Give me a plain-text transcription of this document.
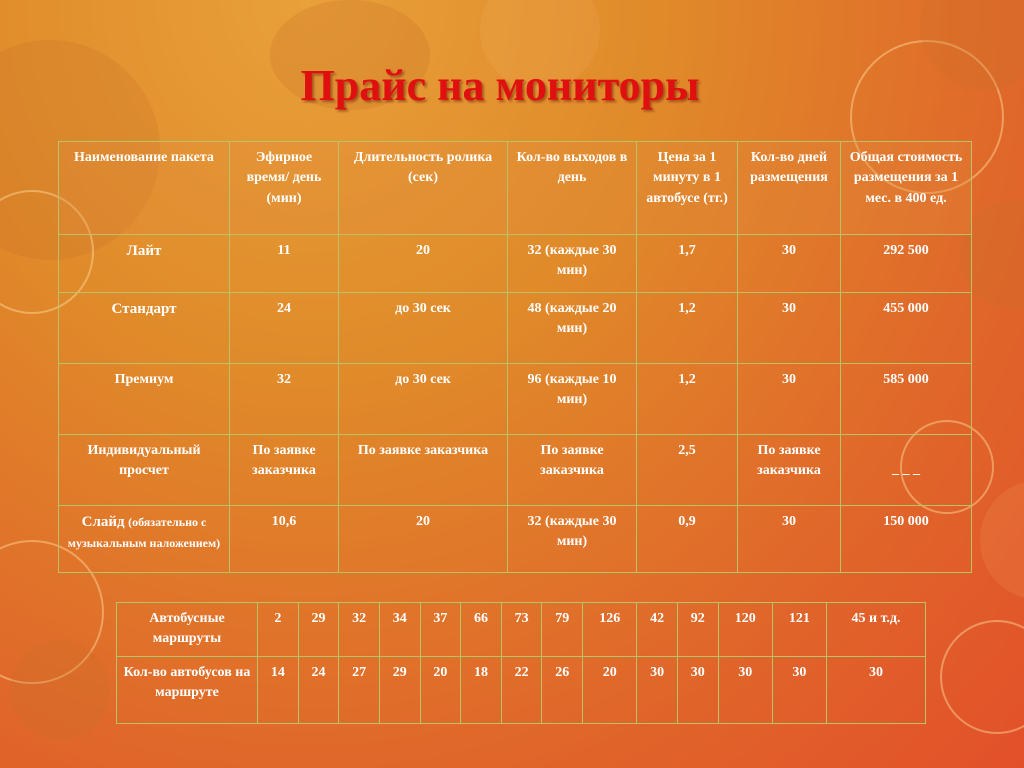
Прайс на мониторы
Наименование пакета	Эфирное время/ день (мин)	Длительность ролика (сек)	Кол-во выходов в день	Цена за 1 минуту в 1 автобусе (тг.)	Кол-во дней размещения	Общая стоимость размещения за 1 мес. в 400 ед.
Лайт	11	20	32 (каждые 30 мин)	1,7	30	292 500
Стандарт	24	до 30 сек	48 (каждые 20 мин)	1,2	30	455 000
Премиум	32	до 30 сек	96 (каждые 10 мин)	1,2	30	585 000
Индивидуальный просчет	По заявке заказчика	По заявке заказчика	По заявке заказчика	2,5	По заявке заказчика	_ _ _
Слайд (обязательно с музыкальным наложением)	10,6	20	32 (каждые 30 мин)	0,9	30	150 000
Автобусные маршруты	2	29	32	34	37	66	73	79	126	42	92	120	121	45 и т.д.
Кол-во автобусов на маршруте	14	24	27	29	20	18	22	26	20	30	30	30	30	30
